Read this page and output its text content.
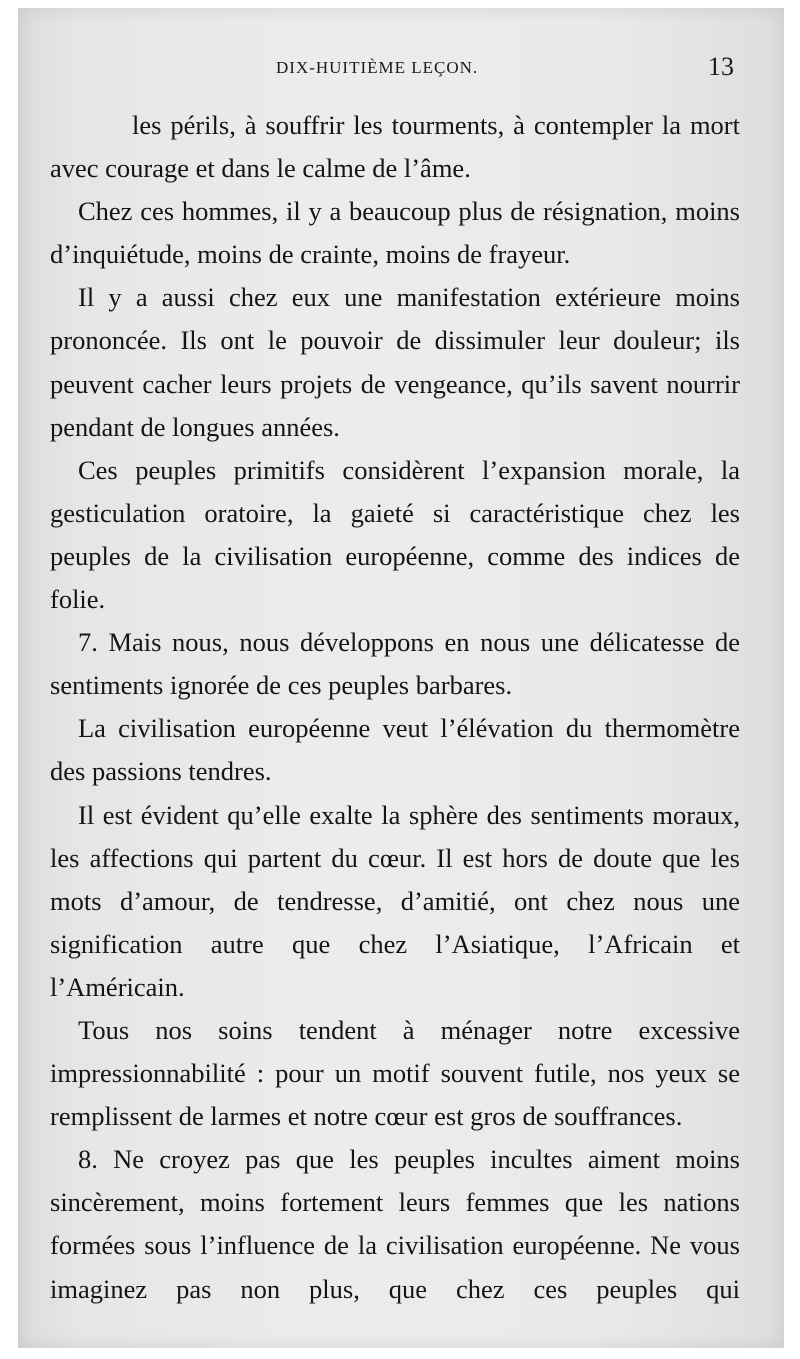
DIX-HUITIÈME LEÇON.	13

les périls, à souffrir les tourments, à contempler la mort avec courage et dans le calme de l’âme.

Chez ces hommes, il y a beaucoup plus de résignation, moins d’inquiétude, moins de crainte, moins de frayeur.

Il y a aussi chez eux une manifestation extérieure moins prononcée. Ils ont le pouvoir de dissimuler leur douleur; ils peuvent cacher leurs projets de vengeance, qu’ils savent nourrir pendant de longues années.

Ces peuples primitifs considèrent l’expansion morale, la gesticulation oratoire, la gaieté si caractéristique chez les peuples de la civilisation européenne, comme des indices de folie.

7. Mais nous, nous développons en nous une délicatesse de sentiments ignorée de ces peuples barbares.

La civilisation européenne veut l’élévation du thermomètre des passions tendres.

Il est évident qu’elle exalte la sphère des sentiments moraux, les affections qui partent du cœur. Il est hors de doute que les mots d’amour, de tendresse, d’amitié, ont chez nous une signification autre que chez l’Asiatique, l’Africain et l’Américain.

Tous nos soins tendent à ménager notre excessive impressionnabilité : pour un motif souvent futile, nos yeux se remplissent de larmes et notre cœur est gros de souffrances.

8. Ne croyez pas que les peuples incultes aiment moins sincèrement, moins fortement leurs femmes que les nations formées sous l’influence de la civilisation européenne. Ne vous imaginez pas non plus, que chez ces peuples qui
